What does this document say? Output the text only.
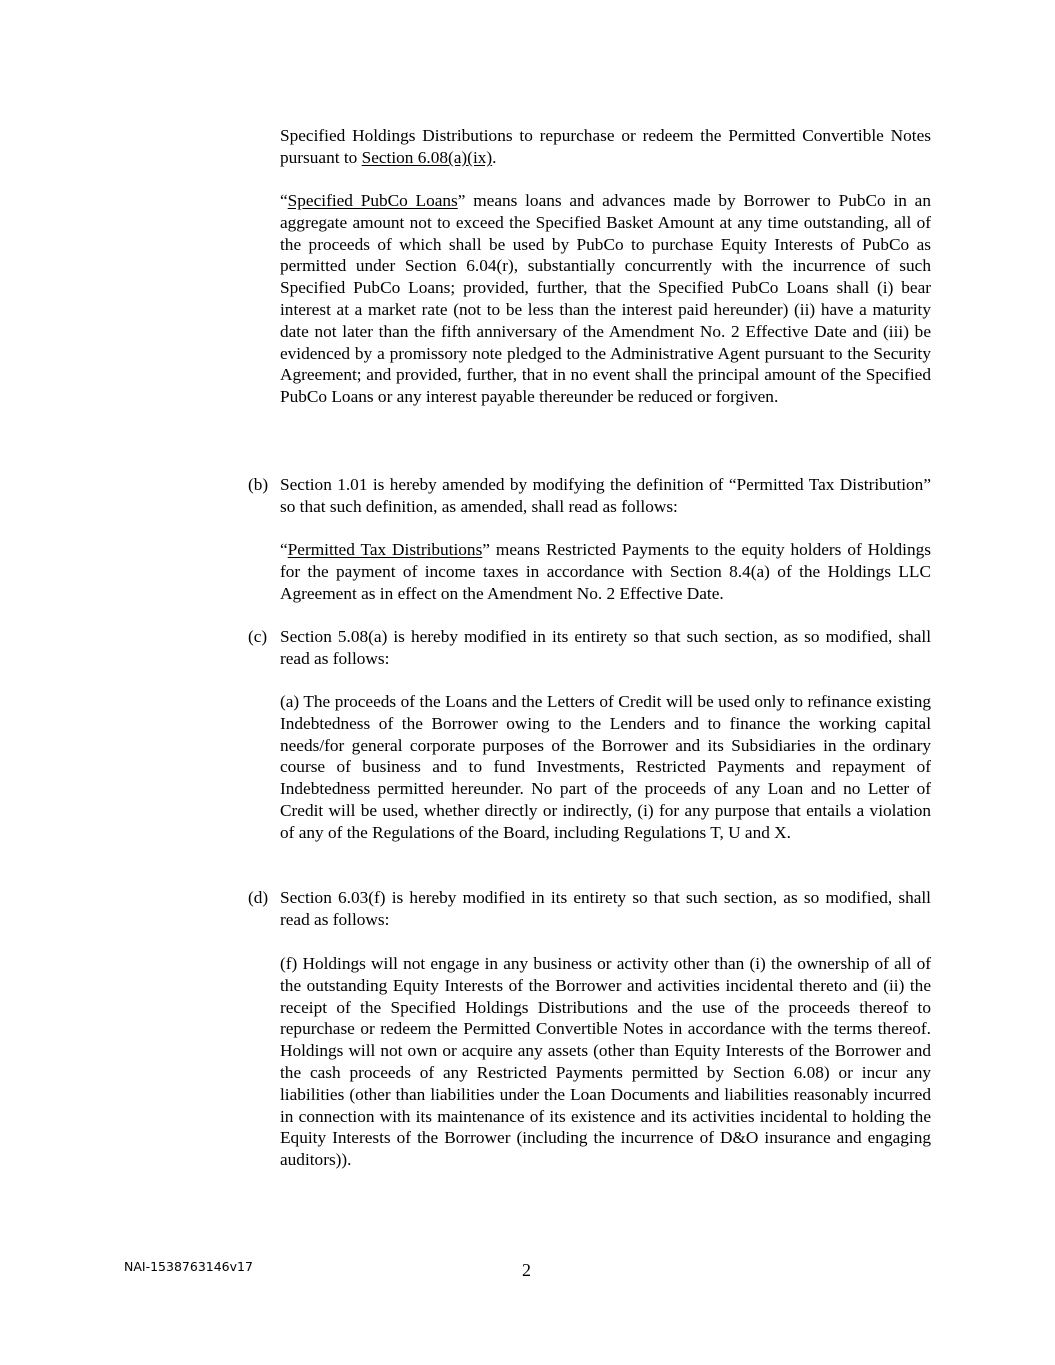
Specified Holdings Distributions to repurchase or redeem the Permitted Convertible Notes pursuant to Section 6.08(a)(ix).
“Specified PubCo Loans” means loans and advances made by Borrower to PubCo in an aggregate amount not to exceed the Specified Basket Amount at any time outstanding, all of the proceeds of which shall be used by PubCo to purchase Equity Interests of PubCo as permitted under Section 6.04(r), substantially concurrently with the incurrence of such Specified PubCo Loans; provided, further, that the Specified PubCo Loans shall (i) bear interest at a market rate (not to be less than the interest paid hereunder) (ii) have a maturity date not later than the fifth anniversary of the Amendment No. 2 Effective Date and (iii) be evidenced by a promissory note pledged to the Administrative Agent pursuant to the Security Agreement; and provided, further, that in no event shall the principal amount of the Specified PubCo Loans or any interest payable thereunder be reduced or forgiven.
(b) Section 1.01 is hereby amended by modifying the definition of “Permitted Tax Distribution” so that such definition, as amended, shall read as follows:
“Permitted Tax Distributions” means Restricted Payments to the equity holders of Holdings for the payment of income taxes in accordance with Section 8.4(a) of the Holdings LLC Agreement as in effect on the Amendment No. 2 Effective Date.
(c) Section 5.08(a) is hereby modified in its entirety so that such section, as so modified, shall read as follows:
(a) The proceeds of the Loans and the Letters of Credit will be used only to refinance existing Indebtedness of the Borrower owing to the Lenders and to finance the working capital needs/for general corporate purposes of the Borrower and its Subsidiaries in the ordinary course of business and to fund Investments, Restricted Payments and repayment of Indebtedness permitted hereunder. No part of the proceeds of any Loan and no Letter of Credit will be used, whether directly or indirectly, (i) for any purpose that entails a violation of any of the Regulations of the Board, including Regulations T, U and X.
(d) Section 6.03(f) is hereby modified in its entirety so that such section, as so modified, shall read as follows:
(f) Holdings will not engage in any business or activity other than (i) the ownership of all of the outstanding Equity Interests of the Borrower and activities incidental thereto and (ii) the receipt of the Specified Holdings Distributions and the use of the proceeds thereof to repurchase or redeem the Permitted Convertible Notes in accordance with the terms thereof. Holdings will not own or acquire any assets (other than Equity Interests of the Borrower and the cash proceeds of any Restricted Payments permitted by Section 6.08) or incur any liabilities (other than liabilities under the Loan Documents and liabilities reasonably incurred in connection with its maintenance of its existence and its activities incidental to holding the Equity Interests of the Borrower (including the incurrence of D&O insurance and engaging auditors)).
NAI-1538763146v17	2
